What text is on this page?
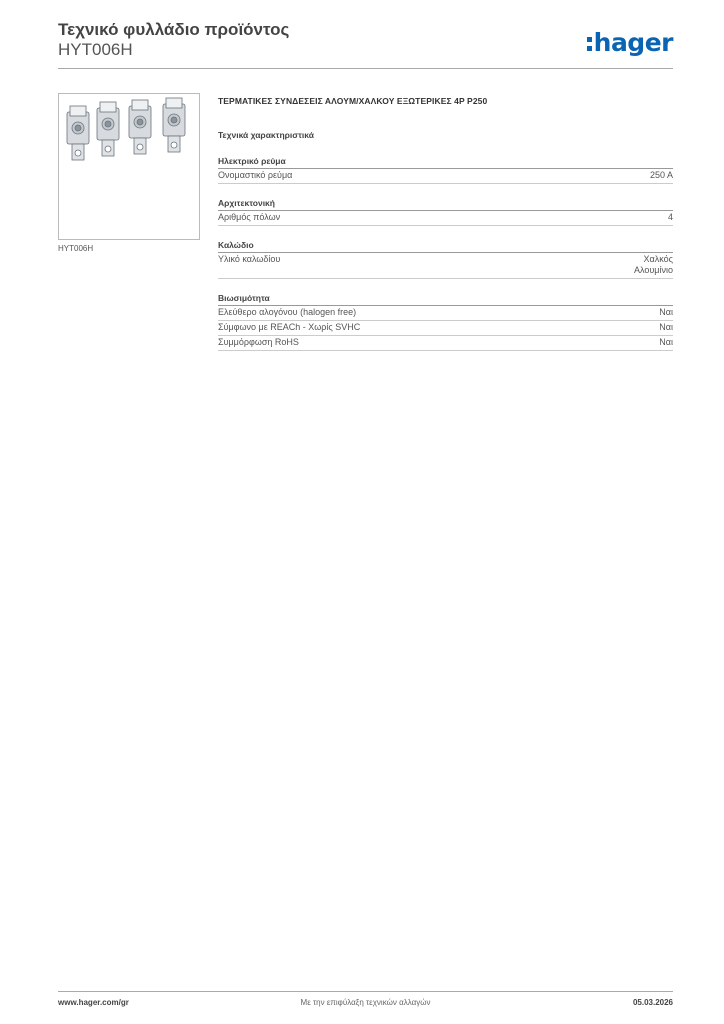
Τεχνικό φυλλάδιο προϊόντος
HYT006H	hager
HYT006H
ΤΕΡΜΑΤΙΚΕΣ ΣΥΝΔΕΣΕΙΣ ΑΛΟΥΜ/ΧΑΛΚΟΥ ΕΞΩΤΕΡΙΚΕΣ 4P P250
Τεχνικά χαρακτηριστικά
Ηλεκτρικό ρεύμα
Ονομαστικό ρεύμα	250 A
Αρχιτεκτονική
Αριθμός πόλων	4
Καλώδιο
Υλικό καλωδίου	Χαλκός
Αλουμίνιο
Βιωσιμότητα
Ελεύθερο αλογόνου (halogen free)	Ναι
Σύμφωνο με REACh - Χωρίς SVHC	Ναι
Συμμόρφωση RoHS	Ναι
www.hager.com/gr	Με την επιφύλαξη τεχνικών αλλαγών	05.03.2026
